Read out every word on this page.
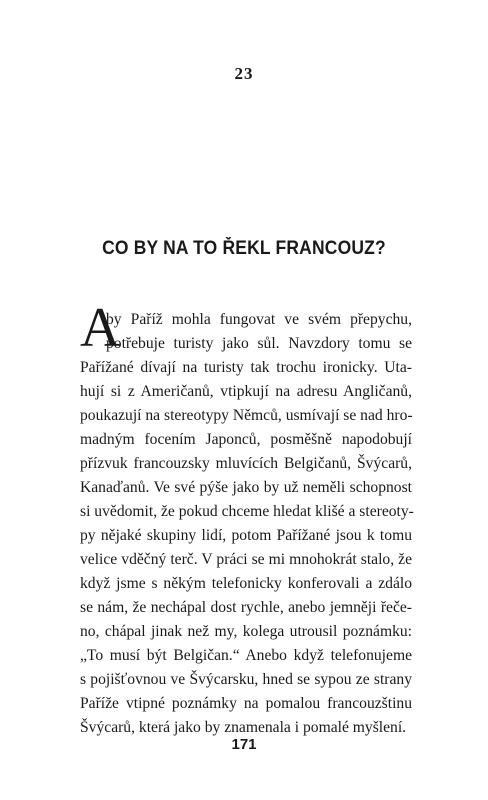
23
CO BY NA TO ŘEKL FRANCOUZ?
A
by Paříž mohla fungovat ve svém přepychu,
potřebuje turisty jako sůl. Navzdory tomu se
Pařížané dívají na turisty tak trochu ironicky. Uta-
hují si z Američanů, vtipkují na adresu Angličanů,
poukazují na stereotypy Němců, usmívají se nad hro-
madným focením Japonců, posměšně napodobují
přízvuk francouzsky mluvících Belgičanů, Švýcarů,
Kanaďanů. Ve své pýše jako by už neměli schopnost
si uvědomit, že pokud chceme hledat klišé a stereoty-
py nějaké skupiny lidí, potom Pařížané jsou k tomu
velice vděčný terč. V práci se mi mnohokrát stalo, že
když jsme s někým telefonicky konferovali a zdálo
se nám, že nechápal dost rychle, anebo jemněji řeče-
no, chápal jinak než my, kolega utrousil poznámku:
„To musí být Belgičan.“ Anebo když telefonujeme
s pojišťovnou ve Švýcarsku, hned se sypou ze strany
Paříže vtipné poznámky na pomalou francouzštinu
Švýcarů, která jako by znamenala i pomalé myšlení.
171
